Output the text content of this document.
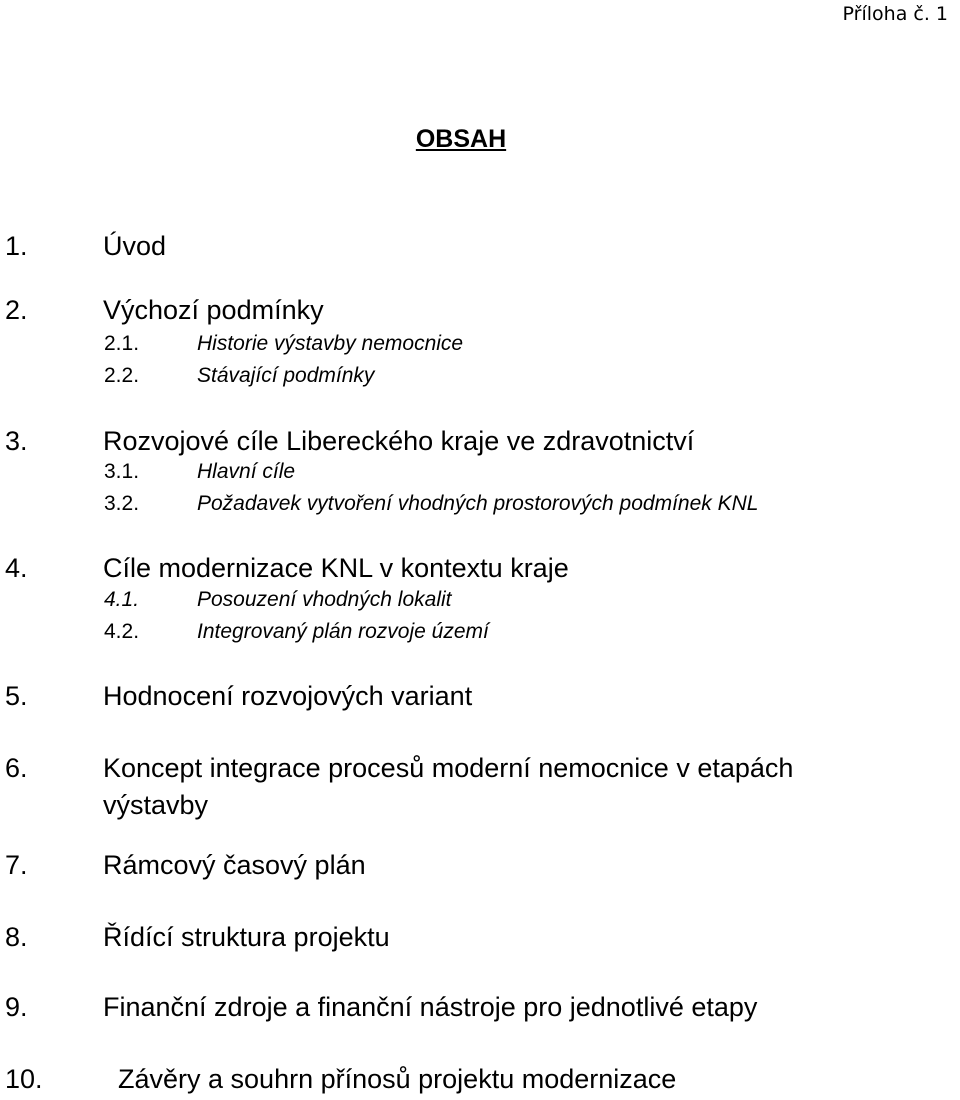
Příloha č. 1
OBSAH
1.	Úvod
2.	Výchozí podmínky
2.1.	Historie výstavby nemocnice
2.2.	Stávající podmínky
3.	Rozvojové cíle Libereckého kraje ve zdravotnictví
3.1.	Hlavní cíle
3.2.	Požadavek vytvoření vhodných prostorových podmínek KNL
4.	Cíle modernizace KNL v kontextu kraje
4.1.	Posouzení vhodných lokalit
4.2.	Integrovaný plán rozvoje území
5.	Hodnocení rozvojových variant
6.	Koncept integrace procesů moderní nemocnice v etapách
výstavby
7.	Rámcový časový plán
8.	Řídící struktura projektu
9.	Finanční zdroje a finanční nástroje pro jednotlivé etapy
10.	Závěry a souhrn přínosů projektu modernizace
